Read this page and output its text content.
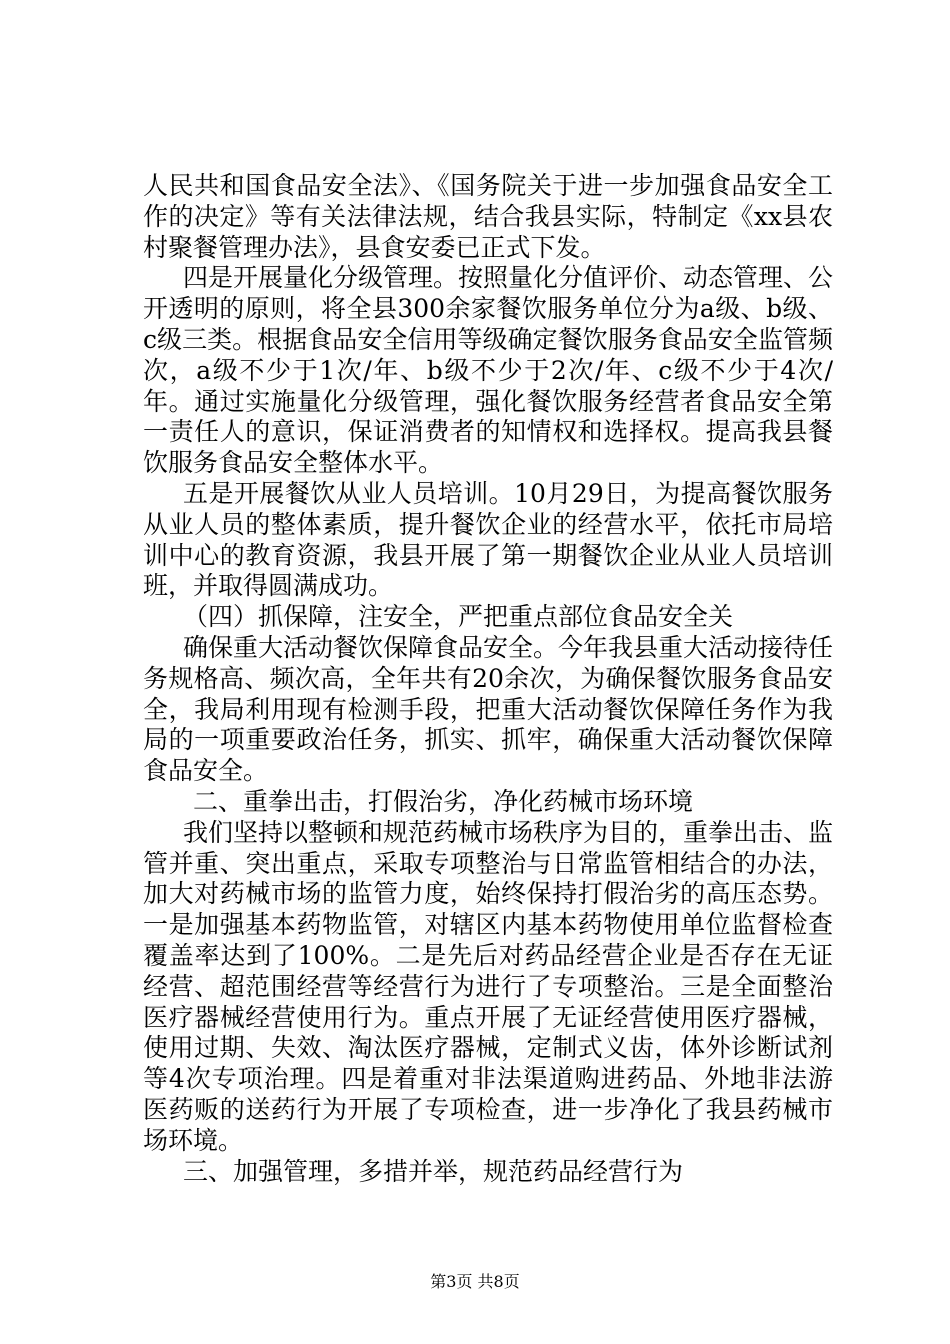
人民共和国食品安全法》、《国务院关于进一步加强食品安全工作的决定》等有关法律法规，结合我县实际，特制定《xx县农村聚餐管理办法》，县食安委已正式下发。

四是开展量化分级管理。按照量化分值评价、动态管理、公开透明的原则，将全县300余家餐饮服务单位分为a级、b级、c级三类。根据食品安全信用等级确定餐饮服务食品安全监管频次，a级不少于1次/年、b级不少于2次/年、c级不少于4次/年。通过实施量化分级管理，强化餐饮服务经营者食品安全第一责任人的意识，保证消费者的知情权和选择权。提高我县餐饮服务食品安全整体水平。

五是开展餐饮从业人员培训。10月29日，为提高餐饮服务从业人员的整体素质，提升餐饮企业的经营水平，依托市局培训中心的教育资源，我县开展了第一期餐饮企业从业人员培训班，并取得圆满成功。

（四）抓保障，注安全，严把重点部位食品安全关

确保重大活动餐饮保障食品安全。今年我县重大活动接待任务规格高、频次高，全年共有20余次，为确保餐饮服务食品安全，我局利用现有检测手段，把重大活动餐饮保障任务作为我局的一项重要政治任务，抓实、抓牢，确保重大活动餐饮保障食品安全。

二、重拳出击，打假治劣，净化药械市场环境

我们坚持以整顿和规范药械市场秩序为目的，重拳出击、监管并重、突出重点，采取专项整治与日常监管相结合的办法，加大对药械市场的监管力度，始终保持打假治劣的高压态势。一是加强基本药物监管，对辖区内基本药物使用单位监督检查覆盖率达到了100%。二是先后对药品经营企业是否存在无证经营、超范围经营等经营行为进行了专项整治。三是全面整治医疗器械经营使用行为。重点开展了无证经营使用医疗器械，使用过期、失效、淘汰医疗器械，定制式义齿，体外诊断试剂等4次专项治理。四是着重对非法渠道购进药品、外地非法游医药贩的送药行为开展了专项检查，进一步净化了我县药械市场环境。

三、加强管理，多措并举，规范药品经营行为

第3页 共8页
